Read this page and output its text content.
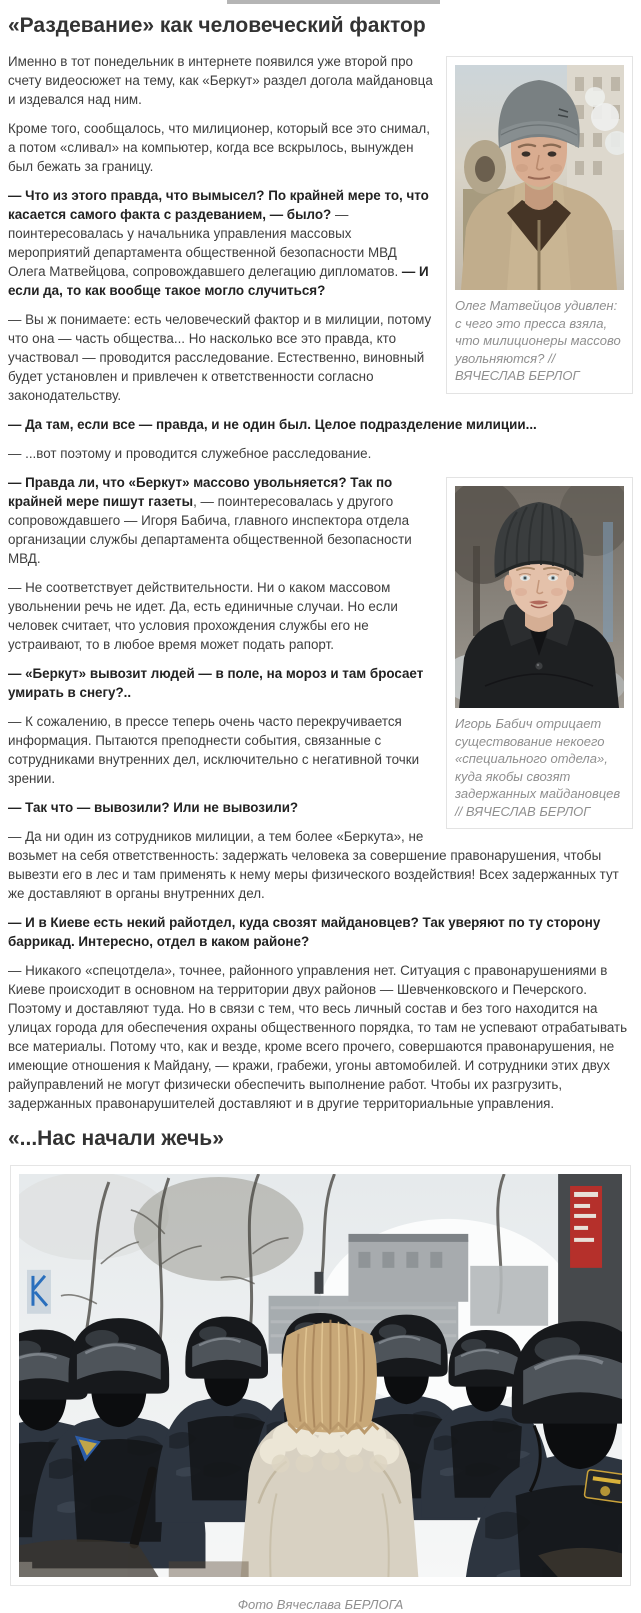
«Раздевание» как человеческий фактор
Олег Матвейцов удивлен: с чего это пресса взяла, что милиционеры массово увольняются? // ВЯЧЕСЛАВ БЕРЛОГ

Именно в тот понедельник в интернете появился уже второй про счету видеосюжет на тему, как «Беркут» раздел догола майдановца и издевался над ним.

Кроме того, сообщалось, что милиционер, который все это снимал, а потом «сливал» на компьютер, когда все вскрылось, вынужден был бежать за границу.

— Что из этого правда, что вымысел? По крайней мере то, что касается самого факта с раздеванием, — было? — поинтересовалась у начальника управления массовых мероприятий департамента общественной безопасности МВД Олега Матвейцова, сопровождавшего делегацию дипломатов. — И если да, то как вообще такое могло случиться?

— Вы ж понимаете: есть человеческий фактор и в милиции, потому что она — часть общества... Но насколько все это правда, кто участвовал — проводится расследование. Естественно, виновный будет установлен и привлечен к ответственности согласно законодательству.

— Да там, если все — правда, и не один был. Целое подразделение милиции...

— ...вот поэтому и проводится служебное расследование.

Игорь Бабич отрицает существование некоего «специального отдела», куда якобы свозят задержанных майдановцев // ВЯЧЕСЛАВ БЕРЛОГ

— Правда ли, что «Беркут» массово увольняется? Так по крайней мере пишут газеты, — поинтересовалась у другого сопровождавшего — Игоря Бабича, главного инспектора отдела организации службы департамента общественной безопасности МВД.

— Не соответствует действительности. Ни о каком массовом увольнении речь не идет. Да, есть единичные случаи. Но если человек считает, что условия прохождения службы его не устраивают, то в любое время может подать рапорт.

— «Беркут» вывозит людей — в поле, на мороз и там бросает умирать в снегу?..

— К сожалению, в прессе теперь очень часто перекручивается информация. Пытаются преподнести события, связанные с сотрудниками внутренних дел, исключительно с негативной точки зрении.

— Так что — вывозили? Или не вывозили?

— Да ни один из сотрудников милиции, а тем более «Беркута», не возьмет на себя ответственность: задержать человека за совершение правонарушения, чтобы вывезти его в лес и там применять к нему меры физического воздействия! Всех задержанных тут же доставляют в органы внутренних дел.

— И в Киеве есть некий райотдел, куда свозят майдановцев? Так уверяют по ту сторону баррикад. Интересно, отдел в каком районе?

— Никакого «спецотдела», точнее, районного управления нет. Ситуация с правонарушениями в Киеве происходит в основном на территории двух районов — Шевченковского и Печерского. Поэтому и доставляют туда. Но в связи с тем, что весь личный состав и без того находится на улицах города для обеспечения охраны общественного порядка, то там не успевают отрабатывать все материалы. Потому что, как и везде, кроме всего прочего, совершаются правонарушения, не имеющие отношения к Майдану, — кражи, грабежи, угоны автомобилей. И сотрудники этих двух райуправлений не могут физически обеспечить выполнение работ. Чтобы их разгрузить, задержанных правонарушителей доставляют и в другие территориальные управления.

«...Нас начали жечь»

Фото Вячеслава БЕРЛОГА
